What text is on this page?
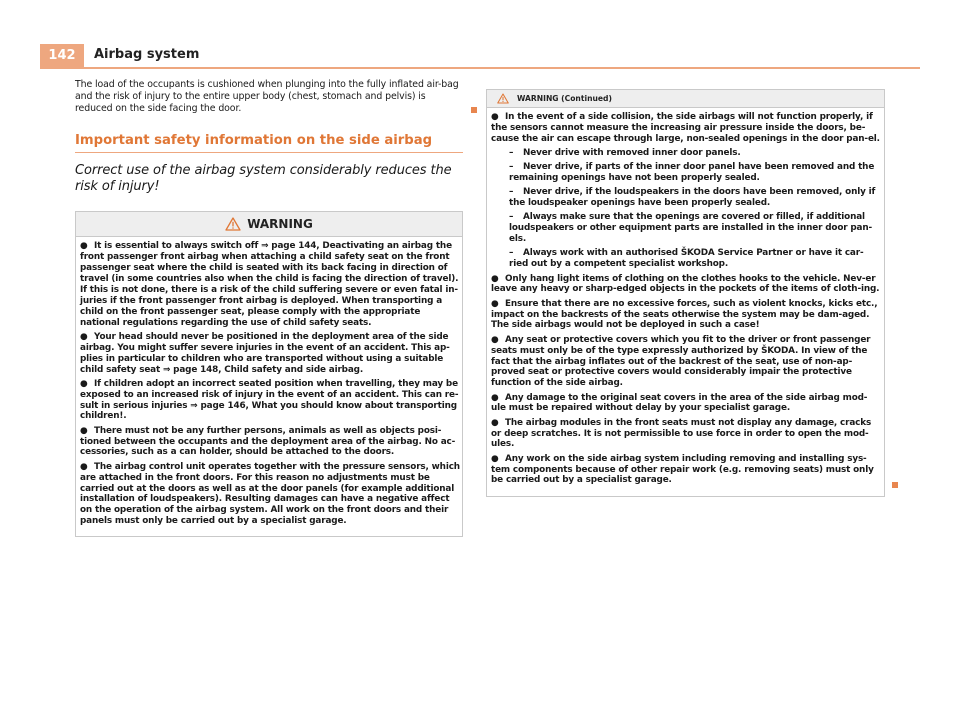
142	Airbag system

The load of the occupants is cushioned when plunging into the fully inflated air-bag and the risk of injury to the entire upper body (chest, stomach and pelvis) is reduced on the side facing the door.

Important safety information on the side airbag
Correct use of the airbag system considerably reduces the risk of injury!
WARNING

● It is essential to always switch off ⇒ page 144, Deactivating an airbag the front passenger front airbag when attaching a child safety seat on the front passenger seat where the child is seated with its back facing in direction of travel (in some countries also when the child is facing the direction of travel). If this is not done, there is a risk of the child suffering severe or even fatal in-juries if the front passenger front airbag is deployed. When transporting a child on the front passenger seat, please comply with the appropriate national regulations regarding the use of child safety seats.

● Your head should never be positioned in the deployment area of the side airbag. You might suffer severe injuries in the event of an accident. This ap-plies in particular to children who are transported without using a suitable child safety seat ⇒ page 148, Child safety and side airbag.

● If children adopt an incorrect seated position when travelling, they may be exposed to an increased risk of injury in the event of an accident. This can re-sult in serious injuries ⇒ page 146, What you should know about transporting children!.

● There must not be any further persons, animals as well as objects posi-tioned between the occupants and the deployment area of the airbag. No ac-cessories, such as a can holder, should be attached to the doors.

● The airbag control unit operates together with the pressure sensors, which are attached in the front doors. For this reason no adjustments must be carried out at the doors as well as at the door panels (for example additional installation of loudspeakers). Resulting damages can have a negative affect on the operation of the airbag system. All work on the front doors and their panels must only be carried out by a specialist garage.

WARNING (Continued)

● In the event of a side collision, the side airbags will not function properly, if the sensors cannot measure the increasing air pressure inside the doors, be-cause the air can escape through large, non-sealed openings in the door pan-el.

– Never drive with removed inner door panels.

– Never drive, if parts of the inner door panel have been removed and the remaining openings have not been properly sealed.

– Never drive, if the loudspeakers in the doors have been removed, only if the loudspeaker openings have been properly sealed.

– Always make sure that the openings are covered or filled, if additional loudspeakers or other equipment parts are installed in the inner door pan-els.

– Always work with an authorised ŠKODA Service Partner or have it car-ried out by a competent specialist workshop.

● Only hang light items of clothing on the clothes hooks to the vehicle. Nev-er leave any heavy or sharp-edged objects in the pockets of the items of cloth-ing.

● Ensure that there are no excessive forces, such as violent knocks, kicks etc., impact on the backrests of the seats otherwise the system may be dam-aged. The side airbags would not be deployed in such a case!

● Any seat or protective covers which you fit to the driver or front passenger seats must only be of the type expressly authorized by ŠKODA. In view of the fact that the airbag inflates out of the backrest of the seat, use of non-ap-proved seat or protective covers would considerably impair the protective function of the side airbag.

● Any damage to the original seat covers in the area of the side airbag mod-ule must be repaired without delay by your specialist garage.

● The airbag modules in the front seats must not display any damage, cracks or deep scratches. It is not permissible to use force in order to open the mod-ules.

● Any work on the side airbag system including removing and installing sys-tem components because of other repair work (e.g. removing seats) must only be carried out by a specialist garage.
